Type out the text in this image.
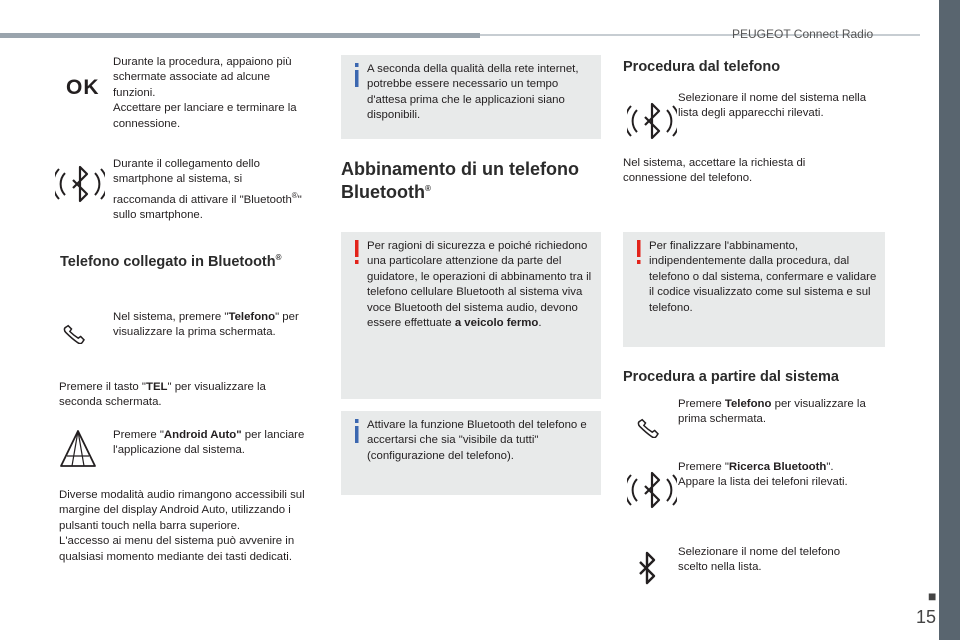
PEUGEOT Connect Radio
■
15
OK
Durante la procedura, appaiono più schermate associate ad alcune funzioni.
Accettare per lanciare e terminare la connessione.
Durante il collegamento dello smartphone al sistema, si raccomanda di attivare il "Bluetooth®" sullo smartphone.
Telefono collegato in Bluetooth®
Nel sistema, premere "Telefono" per visualizzare la prima schermata.
Premere il tasto "TEL" per visualizzare la seconda schermata.
Premere "Android Auto" per lanciare l'applicazione dal sistema.
Diverse modalità audio rimangono accessibili sul margine del display Android Auto, utilizzando i pulsanti touch nella barra superiore.
L'accesso ai menu del sistema può avvenire in qualsiasi momento mediante dei tasti dedicati.
A seconda della qualità della rete internet, potrebbe essere necessario un tempo d'attesa prima che le applicazioni siano disponibili.
Abbinamento di un telefono
Bluetooth®
Per ragioni di sicurezza e poiché richiedono una particolare attenzione da parte del guidatore, le operazioni di abbinamento tra il telefono cellulare Bluetooth al sistema viva voce Bluetooth del sistema audio, devono essere effettuate a veicolo fermo.
Attivare la funzione Bluetooth del telefono e accertarsi che sia "visibile da tutti" (configurazione del telefono).
Procedura dal telefono
Selezionare il nome del sistema nella lista degli apparecchi rilevati.
Nel sistema, accettare la richiesta di connessione del telefono.
Per finalizzare l'abbinamento, indipendentemente dalla procedura, dal telefono o dal sistema, confermare e validare il codice visualizzato come sul sistema e sul telefono.
Procedura a partire dal sistema
Premere Telefono per visualizzare la prima schermata.
Premere "Ricerca Bluetooth".
Appare la lista dei telefoni rilevati.
Selezionare il nome del telefono scelto nella lista.
